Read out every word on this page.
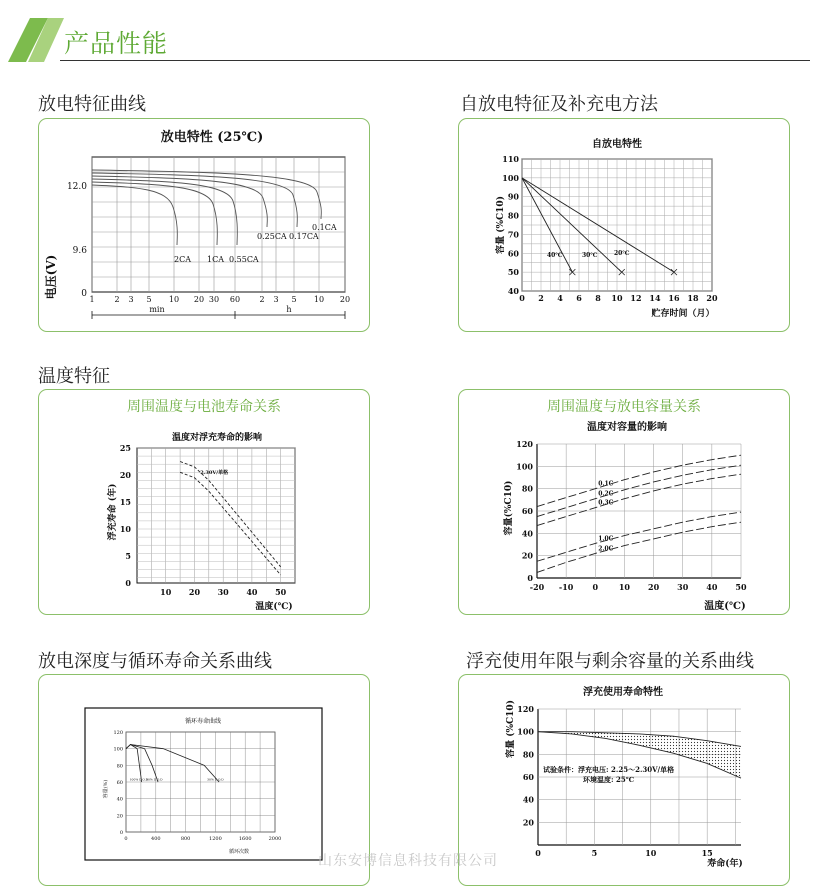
产品性能
放电特征曲线	自放电特征及补充电方法
温度特征
放电深度与循环寿命关系曲线	浮充使用年限与剩余容量的关系曲线
放电特性 (25℃)
电压(V)
12.0
9.6
0
1 2 3 5 10 20 30 60 2 3 5 10 20
2CA 1CA 0.55CA
0.25CA 0.17CA
0.1CA
min	h
自放电特性
容量 (%C10)
贮存时间（月）
0 2 4 6 8 10 12 14 16 18 20
40
50
60
70
80
90
100
110
40℃	30℃	20℃
周围温度与电池寿命关系
温度对浮充寿命的影响
浮充寿命 (年)
温度(℃)
10 20 30 40 50
0
5
10
15
20
25
2.30V/单格
周围温度与放电容量关系
温度对容量的影响
容量(%C10)
温度(℃)
-20 -10 0	10 20 30 40 50
0
20
40
60
80
100
120
0.1C
0.2C
0.3C
1.0C
2.0C
循环寿命曲线
容量(%)
循环次数
0	400	800	1200	1600	2000
0
20
40
60
80
100
120
100% D.O.D
50% D.O.D	30% D.O.D
浮充使用寿命特性
容量 (%C10)
寿命(年)
0	5	10	15
20
40
60
80
100
120
试验条件：浮充电压: 2.25～2.30V/单格
环境温度: 25℃
山东安博信息科技有限公司
